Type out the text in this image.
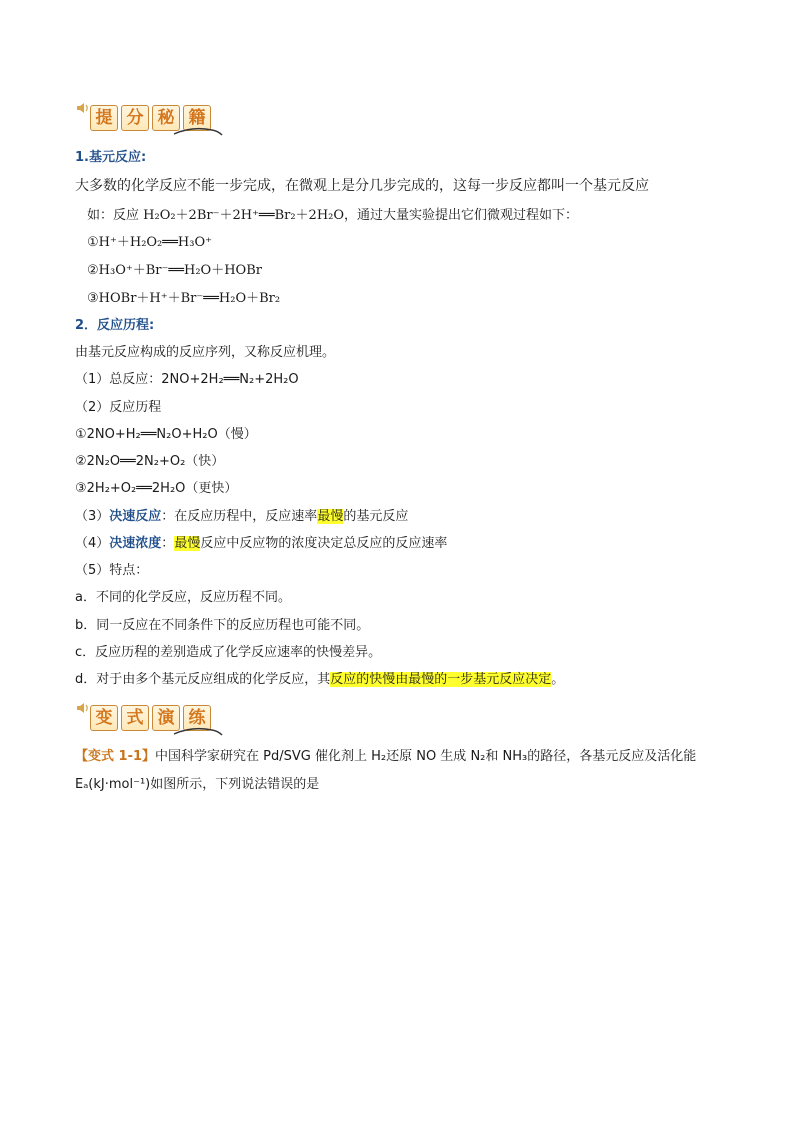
提 分 秘 籍
1.基元反应:
大多数的化学反应不能一步完成，在微观上是分几步完成的，这每一步反应都叫一个基元反应
如：反应 H₂O₂＋2Br⁻＋2H⁺══Br₂＋2H₂O，通过大量实验提出它们微观过程如下：
①H⁺＋H₂O₂══H₃O⁺
②H₃O⁺＋Br⁻══H₂O＋HOBr
③HOBr＋H⁺＋Br⁻══H₂O＋Br₂
2．反应历程:
由基元反应构成的反应序列，又称反应机理。
（1）总反应：2NO+2H₂══N₂+2H₂O
（2）反应历程
①2NO+H₂══N₂O+H₂O（慢）
②2N₂O══2N₂+O₂（快）
③2H₂+O₂══2H₂O（更快）
（3）决速反应：在反应历程中，反应速率最慢的基元反应
（4）决速浓度：最慢反应中反应物的浓度决定总反应的反应速率
（5）特点：
a．不同的化学反应，反应历程不同。
b．同一反应在不同条件下的反应历程也可能不同。
c．反应历程的差别造成了化学反应速率的快慢差异。
d．对于由多个基元反应组成的化学反应，其反应的快慢由最慢的一步基元反应决定。
变 式 演 练
【变式 1-1】中国科学家研究在 Pd/SVG 催化剂上 H₂还原 NO 生成 N₂和 NH₃的路径，各基元反应及活化能
Eₐ(kJ·mol⁻¹)如图所示，下列说法错误的是
